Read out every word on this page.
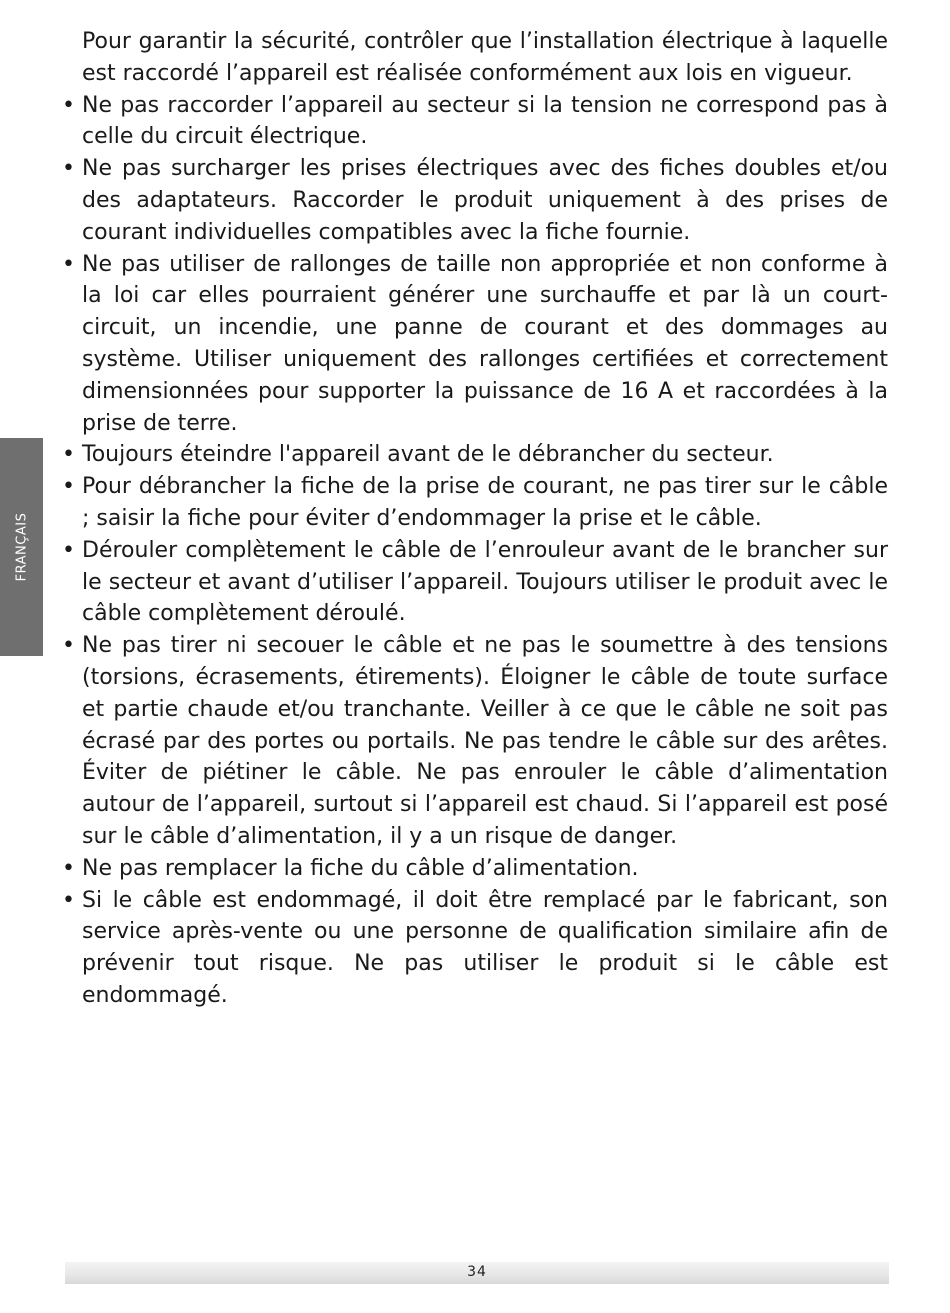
FRANÇAIS

Pour garantir la sécurité, contrôler que l’installation électrique à laquelle est raccordé l’appareil est réalisée conformément aux lois en vigueur.

• Ne pas raccorder l’appareil au secteur si la tension ne correspond pas à celle du circuit électrique.
• Ne pas surcharger les prises électriques avec des fiches doubles et/ou des adaptateurs. Raccorder le produit uniquement à des prises de courant individuelles compatibles avec la fiche fournie.
• Ne pas utiliser de rallonges de taille non appropriée et non conforme à la loi car elles pourraient générer une surchauffe et par là un court-circuit, un incendie, une panne de courant et des dommages au système. Utiliser uniquement des rallonges certifiées et correctement dimensionnées pour supporter la puissance de 16 A et raccordées à la prise de terre.
• Toujours éteindre l'appareil avant de le débrancher du secteur.
• Pour débrancher la fiche de la prise de courant, ne pas tirer sur le câble ; saisir la fiche pour éviter d’endommager la prise et le câble.
• Dérouler complètement le câble de l’enrouleur avant de le brancher sur le secteur et avant d’utiliser l’appareil. Toujours utiliser le produit avec le câble complètement déroulé.
• Ne pas tirer ni secouer le câble et ne pas le soumettre à des tensions (torsions, écrasements, étirements). Éloigner le câble de toute surface et partie chaude et/ou tranchante. Veiller à ce que le câble ne soit pas écrasé par des portes ou portails. Ne pas tendre le câble sur des arêtes. Éviter de piétiner le câble. Ne pas enrouler le câble d’alimentation autour de l’appareil, surtout si l’appareil est chaud. Si l’appareil est posé sur le câble d’alimentation, il y a un risque de danger.
• Ne pas remplacer la fiche du câble d’alimentation.
• Si le câble est endommagé, il doit être remplacé par le fabricant, son service après-vente ou une personne de qualification similaire afin de prévenir tout risque. Ne pas utiliser le produit si le câble est endommagé.
34
